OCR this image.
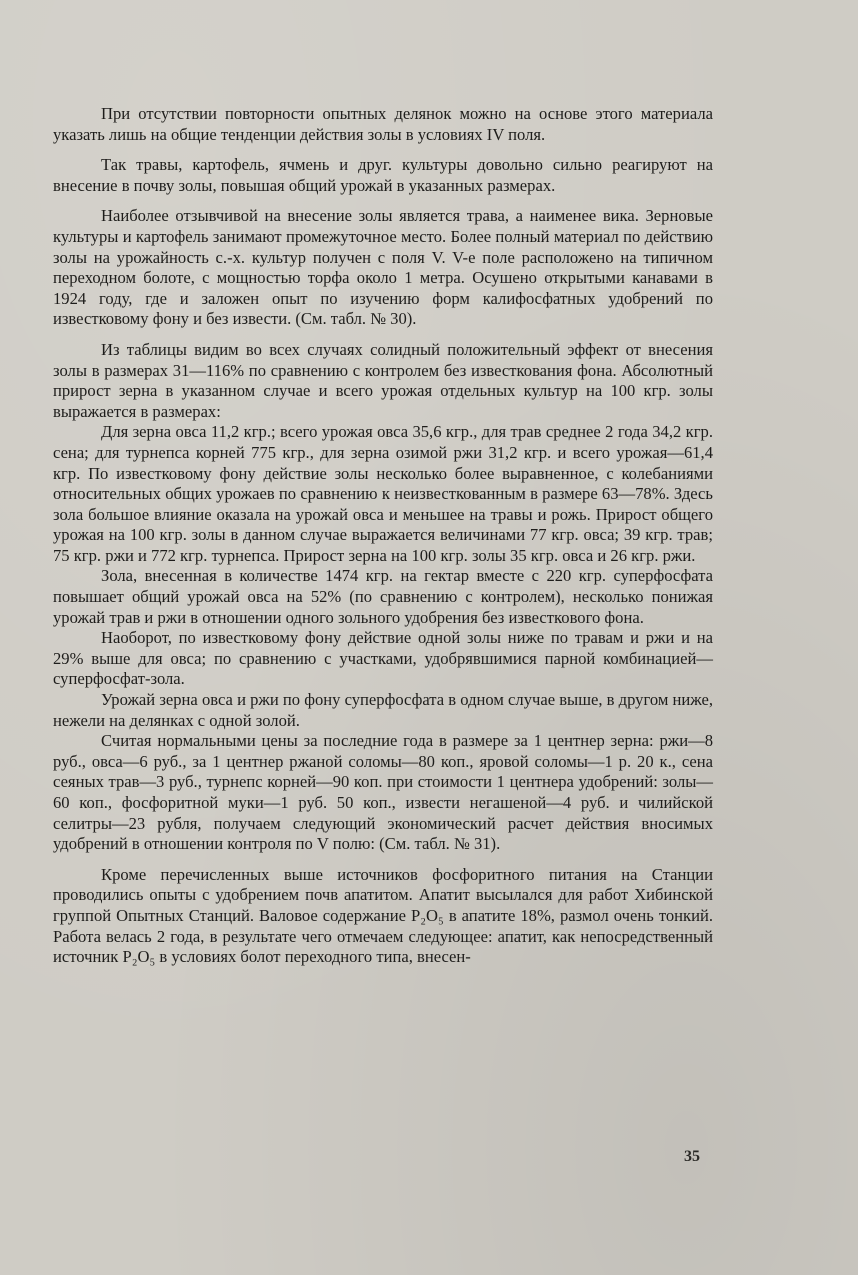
При отсутствии повторности опытных делянок можно на основе этого материала указать лишь на общие тенденции действия золы в условиях IV поля.

Так травы, картофель, ячмень и друг. культуры довольно сильно реагируют на внесение в почву золы, повышая общий урожай в указанных размерах.

Наиболее отзывчивой на внесение золы является трава, а наименее вика. Зерновые культуры и картофель занимают промежуточное место. Более полный материал по действию золы на урожайность с.-х. культур получен с поля V. V-е поле расположено на типичном переходном болоте, с мощностью торфа около 1 метра. Осушено открытыми канавами в 1924 году, где и заложен опыт по изучению форм калифосфатных удобрений по известковому фону и без извести. (См. табл. № 30).

Из таблицы видим во всех случаях солидный положительный эффект от внесения золы в размерах 31—116% по сравнению с контролем без известкования фона. Абсолютный прирост зерна в указанном случае и всего урожая отдельных культур на 100 кгр. золы выражается в размерах:

Для зерна овса 11,2 кгр.; всего урожая овса 35,6 кгр., для трав среднее 2 года 34,2 кгр. сена; для турнепса корней 775 кгр., для зерна озимой ржи 31,2 кгр. и всего урожая—61,4 кгр. По известковому фону действие золы несколько более выравненное, с колебаниями относительных общих урожаев по сравнению к неизвесткованным в размере 63—78%. Здесь зола большое влияние оказала на урожай овса и меньшее на травы и рожь. Прирост общего урожая на 100 кгр. золы в данном случае выражается величинами 77 кгр. овса; 39 кгр. трав; 75 кгр. ржи и 772 кгр. турнепса. Прирост зерна на 100 кгр. золы 35 кгр. овса и 26 кгр. ржи.

Зола, внесенная в количестве 1474 кгр. на гектар вместе с 220 кгр. суперфосфата повышает общий урожай овса на 52% (по сравнению с контролем), несколько понижая урожай трав и ржи в отношении одного зольного удобрения без известкового фона.

Наоборот, по известковому фону действие одной золы ниже по травам и ржи и на 29% выше для овса; по сравнению с участками, удобрявшимися парной комбинацией—суперфосфат-зола.

Урожай зерна овса и ржи по фону суперфосфата в одном случае выше, в другом ниже, нежели на делянках с одной золой.

Считая нормальными цены за последние года в размере за 1 центнер зерна: ржи—8 руб., овса—6 руб., за 1 центнер ржаной соломы—80 коп., яровой соломы—1 р. 20 к., сена сеяных трав—3 руб., турнепс корней—90 коп. при стоимости 1 центнера удобрений: золы—60 коп., фосфоритной муки—1 руб. 50 коп., извести негашеной—4 руб. и чилийской селитры—23 рубля, получаем следующий экономический расчет действия вносимых удобрений в отношении контроля по V полю: (См. табл. № 31).

Кроме перечисленных выше источников фосфоритного питания на Станции проводились опыты с удобрением почв апатитом. Апатит высылался для работ Хибинской группой Опытных Станций. Валовое содержание P₂O₅ в апатите 18%, размол очень тонкий. Работа велась 2 года, в результате чего отмечаем следующее: апатит, как непосредственный источник P₂O₅ в условиях болот переходного типа, внесен-

35
